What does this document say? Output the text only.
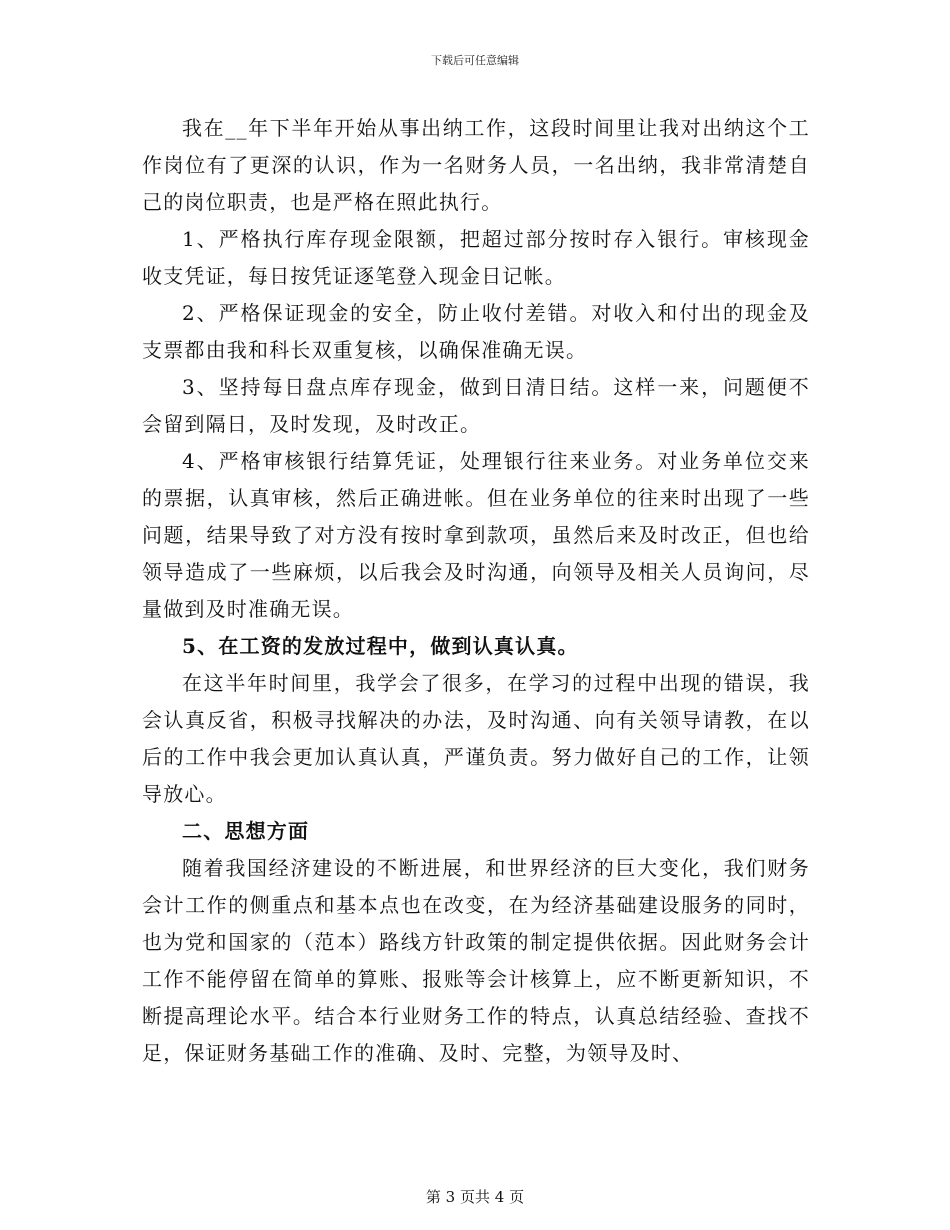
下载后可任意编辑

我在__年下半年开始从事出纳工作，这段时间里让我对出纳这个工作岗位有了更深的认识，作为一名财务人员，一名出纳，我非常清楚自己的岗位职责，也是严格在照此执行。

1、严格执行库存现金限额，把超过部分按时存入银行。审核现金收支凭证，每日按凭证逐笔登入现金日记帐。

2、严格保证现金的安全，防止收付差错。对收入和付出的现金及支票都由我和科长双重复核，以确保准确无误。

3、坚持每日盘点库存现金，做到日清日结。这样一来，问题便不会留到隔日，及时发现，及时改正。

4、严格审核银行结算凭证，处理银行往来业务。对业务单位交来的票据，认真审核，然后正确进帐。但在业务单位的往来时出现了一些问题，结果导致了对方没有按时拿到款项，虽然后来及时改正，但也给领导造成了一些麻烦，以后我会及时沟通，向领导及相关人员询问，尽量做到及时准确无误。

5、在工资的发放过程中，做到认真认真。

在这半年时间里，我学会了很多，在学习的过程中出现的错误，我会认真反省，积极寻找解决的办法，及时沟通、向有关领导请教，在以后的工作中我会更加认真认真，严谨负责。努力做好自己的工作，让领导放心。

二、思想方面

随着我国经济建设的不断进展，和世界经济的巨大变化，我们财务会计工作的侧重点和基本点也在改变，在为经济基础建设服务的同时，也为党和国家的（范本）路线方针政策的制定提供依据。因此财务会计工作不能停留在简单的算账、报账等会计核算上，应不断更新知识，不断提高理论水平。结合本行业财务工作的特点，认真总结经验、查找不足，保证财务基础工作的准确、及时、完整，为领导及时、

第 3 页共 4 页
